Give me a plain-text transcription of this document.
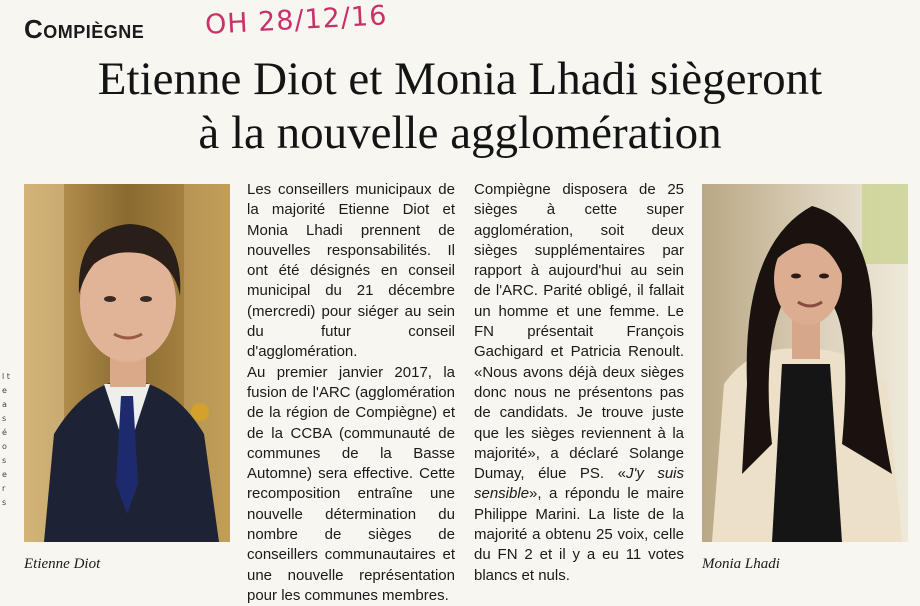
Compiègne OH 28/12/16
Etienne Diot et Monia Lhadi siègeront
à la nouvelle agglomération
l t e a s é o s e r s
Etienne Diot

Les conseillers municipaux de la majorité Etienne Diot et Monia Lhadi prennent de nouvelles responsabilités. Il ont été désignés en conseil municipal du 21 décembre (mercredi) pour siéger au sein du futur conseil d'agglomération.

Au premier janvier 2017, la fusion de l'ARC (agglomération de la région de Compiègne) et de la CCBA (communauté de communes de la Basse Automne) sera effective. Cette recomposition entraîne une nouvelle détermination du nombre de sièges de conseillers communautaires et une nouvelle représentation pour les communes membres.

Compiègne disposera de 25 sièges à cette super agglomération, soit deux sièges supplémentaires par rapport à aujourd'hui au sein de l'ARC. Parité obligé, il fallait un homme et une femme. Le FN présentait François Gachigard et Patricia Renoult. «Nous avons déjà deux sièges donc nous ne présentons pas de candidats. Je trouve juste que les sièges reviennent à la majorité», a déclaré Solange Dumay, élue PS. «J'y suis sensible», a répondu le maire Philippe Marini. La liste de la majorité a obtenu 25 voix, celle du FN 2 et il y a eu 11 votes blancs et nuls.

Monia Lhadi
